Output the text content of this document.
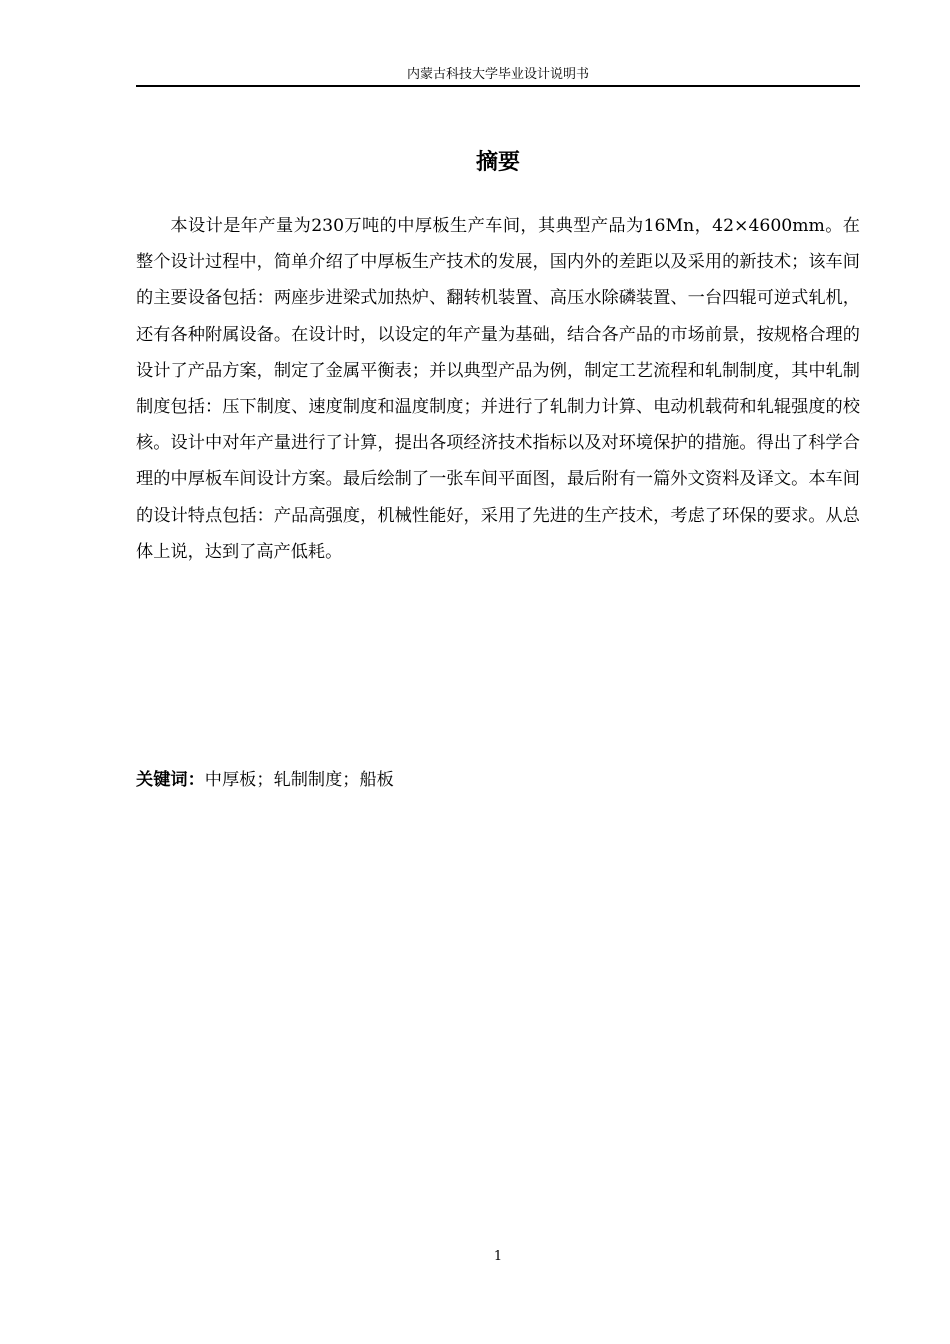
内蒙古科技大学毕业设计说明书
摘要

本设计是年产量为230万吨的中厚板生产车间，其典型产品为16Mn，42×4600mm。在整个设计过程中，简单介绍了中厚板生产技术的发展，国内外的差距以及采用的新技术；该车间的主要设备包括：两座步进梁式加热炉、翻转机装置、高压水除磷装置、一台四辊可逆式轧机，还有各种附属设备。在设计时，以设定的年产量为基础，结合各产品的市场前景，按规格合理的设计了产品方案，制定了金属平衡表；并以典型产品为例，制定工艺流程和轧制制度，其中轧制制度包括：压下制度、速度制度和温度制度；并进行了轧制力计算、电动机载荷和轧辊强度的校核。设计中对年产量进行了计算，提出各项经济技术指标以及对环境保护的措施。得出了科学合理的中厚板车间设计方案。最后绘制了一张车间平面图，最后附有一篇外文资料及译文。本车间的设计特点包括：产品高强度，机械性能好，采用了先进的生产技术，考虑了环保的要求。从总体上说，达到了高产低耗。

关键词：中厚板；轧制制度；船板
1
